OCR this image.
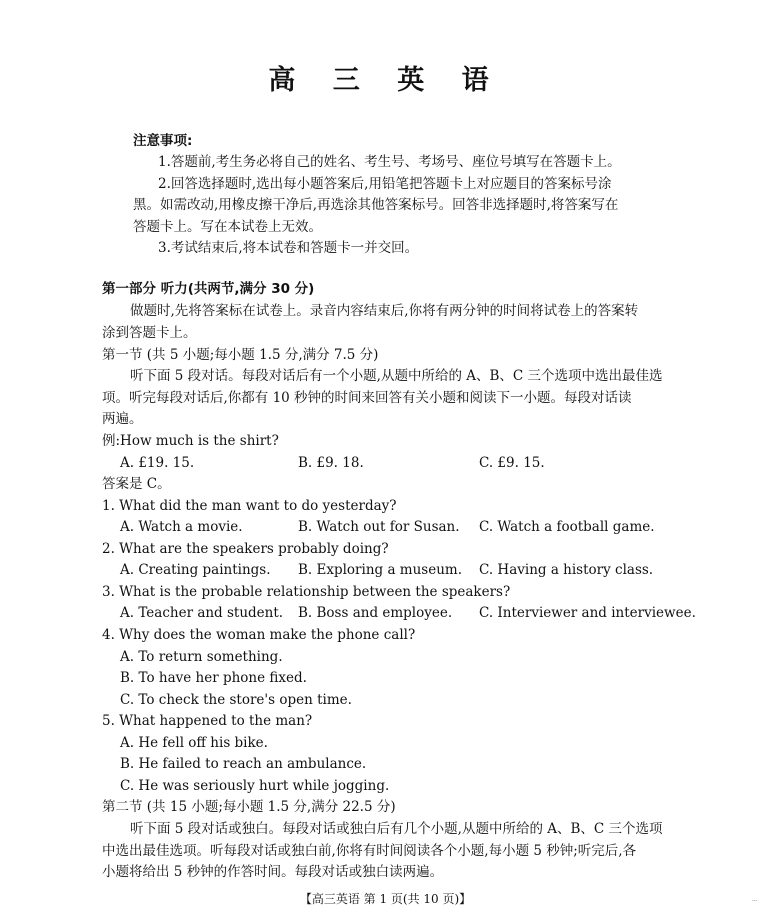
高 三 英 语
注意事项:
1.答题前,考生务必将自己的姓名、考生号、考场号、座位号填写在答题卡上。
2.回答选择题时,选出每小题答案后,用铅笔把答题卡上对应题目的答案标号涂
黑。如需改动,用橡皮擦干净后,再选涂其他答案标号。回答非选择题时,将答案写在
答题卡上。写在本试卷上无效。
3.考试结束后,将本试卷和答题卡一并交回。
第一部分 听力(共两节,满分 30 分)
做题时,先将答案标在试卷上。录音内容结束后,你将有两分钟的时间将试卷上的答案转
涂到答题卡上。
第一节 (共 5 小题;每小题 1.5 分,满分 7.5 分)
听下面 5 段对话。每段对话后有一个小题,从题中所给的 A、B、C 三个选项中选出最佳选
项。听完每段对话后,你都有 10 秒钟的时间来回答有关小题和阅读下一小题。每段对话读
两遍。
例:How much is the shirt?
A. £19. 15.	B. £9. 18.	C. £9. 15.
答案是 C。
1. What did the man want to do yesterday?
A. Watch a movie.	B. Watch out for Susan. C. Watch a football game.
2. What are the speakers probably doing?
A. Creating paintings. B. Exploring a museum. C. Having a history class.
3. What is the probable relationship between the speakers?
A. Teacher and student. B. Boss and employee. C. Interviewer and interviewee.
4. Why does the woman make the phone call?
A. To return something.
B. To have her phone fixed.
C. To check the store's open time.
5. What happened to the man?
A. He fell off his bike.
B. He failed to reach an ambulance.
C. He was seriously hurt while jogging.
第二节 (共 15 小题;每小题 1.5 分,满分 22.5 分)
听下面 5 段对话或独白。每段对话或独白后有几个小题,从题中所给的 A、B、C 三个选项
中选出最佳选项。听每段对话或独白前,你将有时间阅读各个小题,每小题 5 秒钟;听完后,各
小题将给出 5 秒钟的作答时间。每段对话或独白读两遍。
【高三英语 第 1 页(共 10 页)】	...
